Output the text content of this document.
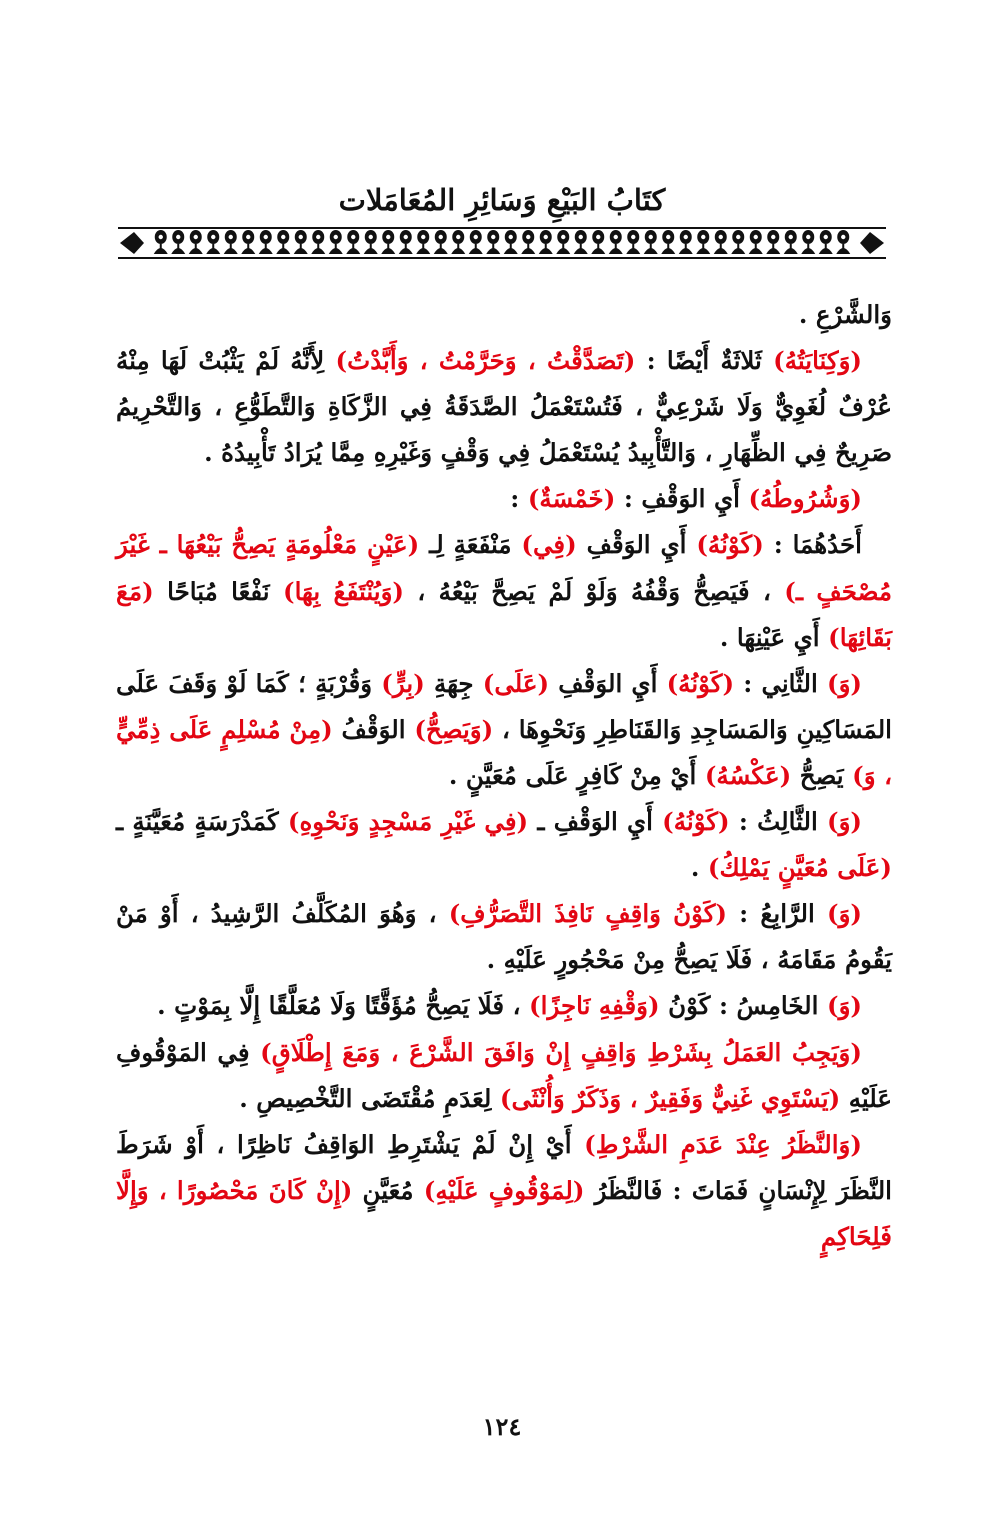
كتَابُ البَيْعِ وَسَائِرِ المُعَامَلات

وَالشَّرْعِ .

(وَكِنَايَتُهُ) ثَلاثَةٌ أَيْضًا : (تَصَدَّقْتُ ، وَحَرَّمْتُ ، وَأَبَّدْتُ) لِأَنَّهُ لَمْ يَثْبُتْ لَهَا مِنْهُ عُرْفٌ لُغَوِيٌّ وَلَا شَرْعِيٌّ ، فَتُسْتَعْمَلُ الصَّدَقَةُ فِي الزَّكَاةِ وَالتَّطَوُّعِ ، وَالتَّحْرِيمُ صَرِيحٌ فِي الظِّهَارِ ، وَالتَّأْبِيدُ يُسْتَعْمَلُ فِي وَقْفٍ وَغَيْرِهِ مِمَّا يُرَادُ تَأْبِيدُهُ .

(وَشُرُوطُهُ) أَيِ الوَقْفِ : (خَمْسَةٌ) :

أَحَدُهُمَا : (كَوْنُهُ) أَيِ الوَقْفِ (فِي) مَنْفَعَةٍ لِـ (عَيْنٍ مَعْلُومَةٍ يَصِحُّ بَيْعُهَا ـ غَيْرَ مُصْحَفٍ ـ) ، فَيَصِحُّ وَقْفُهُ وَلَوْ لَمْ يَصِحَّ بَيْعُهُ ، (وَيُنْتَفَعُ بِهَا) نَفْعًا مُبَاحًا (مَعَ بَقَائِهَا) أَيِ عَيْنِهَا .

(وَ) الثَّانِي : (كَوْنُهُ) أَيِ الوَقْفِ (عَلَى) جِهَةِ (بِرٍّ) وَقُرْبَةٍ ؛ كَمَا لَوْ وَقَفَ عَلَى المَسَاكِينِ وَالمَسَاجِدِ وَالقَنَاطِرِ وَنَحْوِهَا ، (وَيَصِحُّ) الوَقْفُ (مِنْ مُسْلِمٍ عَلَى ذِمِّيٍّ ، وَ) يَصِحُّ (عَكْسُهُ) أَيْ مِنْ كَافِرٍ عَلَى مُعَيَّنٍ .

(وَ) الثَّالِثُ : (كَوْنُهُ) أَيِ الوَقْفِ ـ (فِي غَيْرِ مَسْجِدٍ وَنَحْوِهِ) كَمَدْرَسَةٍ مُعَيَّنَةٍ ـ (عَلَى مُعَيَّنٍ يَمْلِكُ) .

(وَ) الرَّابِعُ : (كَوْنُ وَاقِفٍ نَافِذَ التَّصَرُّفِ) ، وَهُوَ المُكَلَّفُ الرَّشِيدُ ، أَوْ مَنْ يَقُومُ مَقَامَهُ ، فَلَا يَصِحُّ مِنْ مَحْجُورٍ عَلَيْهِ .

(وَ) الخَامِسُ : كَوْنُ (وَقْفِهِ نَاجِزًا) ، فَلَا يَصِحُّ مُؤَقَّتًا وَلَا مُعَلَّقًا إِلَّا بِمَوْتٍ .

(وَيَجِبُ العَمَلُ بِشَرْطِ وَاقِفٍ إِنْ وَافَقَ الشَّرْعَ ، وَمَعَ إِطْلَاقٍ) فِي المَوْقُوفِ عَلَيْهِ (يَسْتَوِي غَنِيٌّ وَفَقِيرٌ ، وَذَكَرٌ وَأُنْثَى) لِعَدَمِ مُقْتَضَى التَّخْصِيصِ .

(وَالنَّظَرُ عِنْدَ عَدَمِ الشَّرْطِ) أَيْ إِنْ لَمْ يَشْتَرِطِ الوَاقِفُ نَاظِرًا ، أَوْ شَرَطَ النَّظَرَ لِإِنْسَانٍ فَمَاتَ : فَالنَّظَرُ (لِمَوْقُوفٍ عَلَيْهِ) مُعَيَّنٍ (إِنْ كَانَ مَحْصُورًا ، وَإِلَّا فَلِحَاكِمٍ

١٢٤
